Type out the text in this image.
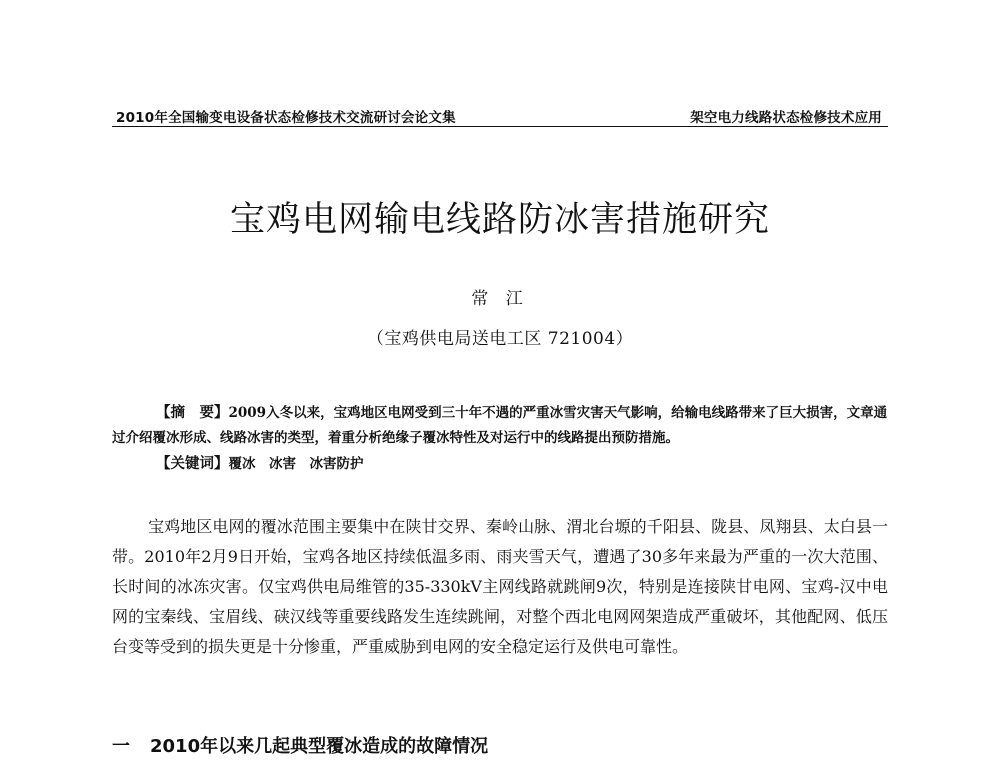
2010年全国输变电设备状态检修技术交流研讨会论文集	架空电力线路状态检修技术应用
宝鸡电网输电线路防冰害措施研究
常 江
（宝鸡供电局送电工区 721004）
【摘　要】2009入冬以来，宝鸡地区电网受到三十年不遇的严重冰雪灾害天气影响，给输电线路带来了巨大损害，文章通过介绍覆冰形成、线路冰害的类型，着重分析绝缘子覆冰特性及对运行中的线路提出预防措施。
【关键词】覆冰　冰害　冰害防护
宝鸡地区电网的覆冰范围主要集中在陕甘交界、秦岭山脉、渭北台塬的千阳县、陇县、凤翔县、太白县一带。2010年2月9日开始，宝鸡各地区持续低温多雨、雨夹雪天气，遭遇了30多年来最为严重的一次大范围、长时间的冰冻灾害。仅宝鸡供电局维管的35-330kV主网线路就跳闸9次，特别是连接陕甘电网、宝鸡-汉中电网的宝秦线、宝眉线、硖汉线等重要线路发生连续跳闸，对整个西北电网网架造成严重破坏，其他配网、低压台变等受到的损失更是十分惨重，严重威胁到电网的安全稳定运行及供电可靠性。
一 2010年以来几起典型覆冰造成的故障情况
